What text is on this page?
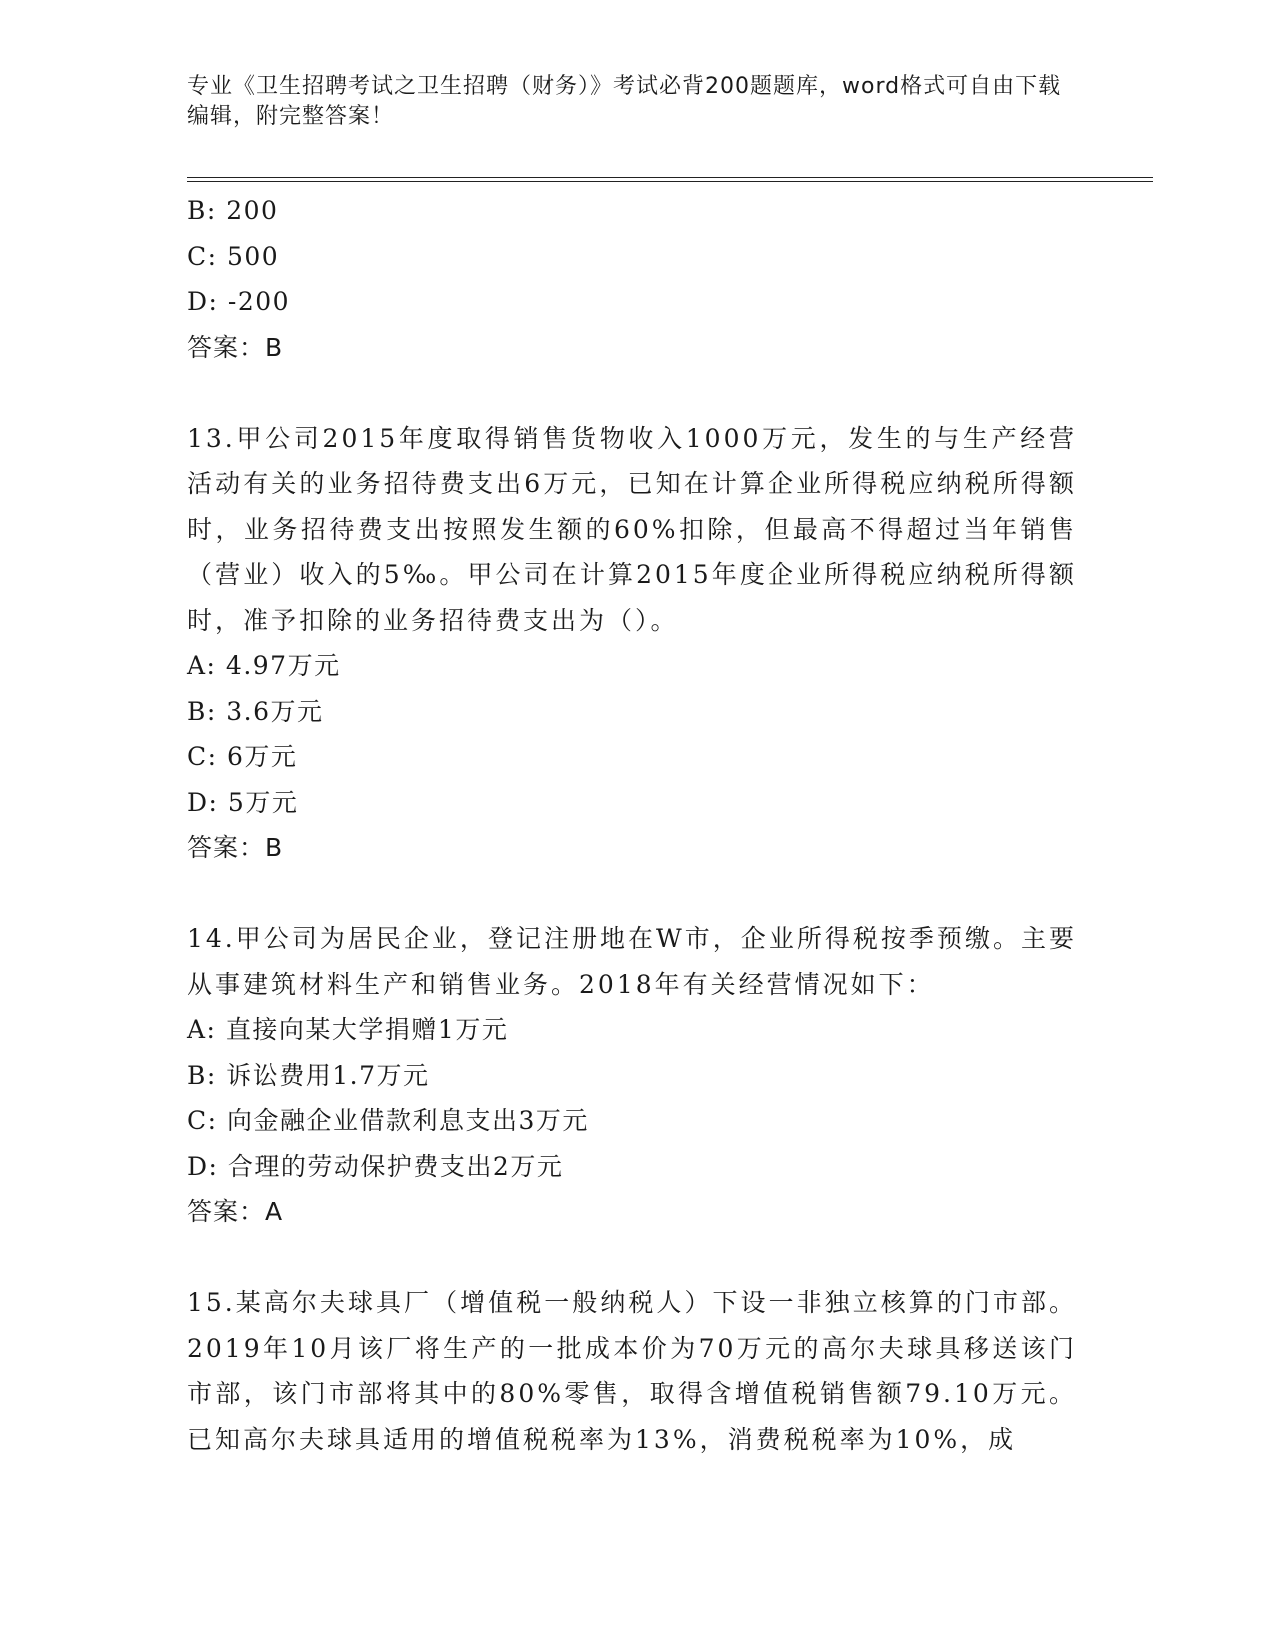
专业《卫生招聘考试之卫生招聘（财务）》考试必背200题题库，word格式可自由下载编辑，附完整答案！
B: 200
C: 500
D: -200
答案：B
13.甲公司2015年度取得销售货物收入1000万元，发生的与生产经营活动有关的业务招待费支出6万元，已知在计算企业所得税应纳税所得额时，业务招待费支出按照发生额的60%扣除，但最高不得超过当年销售（营业）收入的5‰。甲公司在计算2015年度企业所得税应纳税所得额时，准予扣除的业务招待费支出为（）。
A: 4.97万元
B: 3.6万元
C: 6万元
D: 5万元
答案：B
14.甲公司为居民企业，登记注册地在W市，企业所得税按季预缴。主要从事建筑材料生产和销售业务。2018年有关经营情况如下：
A: 直接向某大学捐赠1万元
B: 诉讼费用1.7万元
C: 向金融企业借款利息支出3万元
D: 合理的劳动保护费支出2万元
答案：A
15.某高尔夫球具厂（增值税一般纳税人）下设一非独立核算的门市部。2019年10月该厂将生产的一批成本价为70万元的高尔夫球具移送该门市部，该门市部将其中的80%零售，取得含增值税销售额79.10万元。已知高尔夫球具适用的增值税税率为13%，消费税税率为10%，成
